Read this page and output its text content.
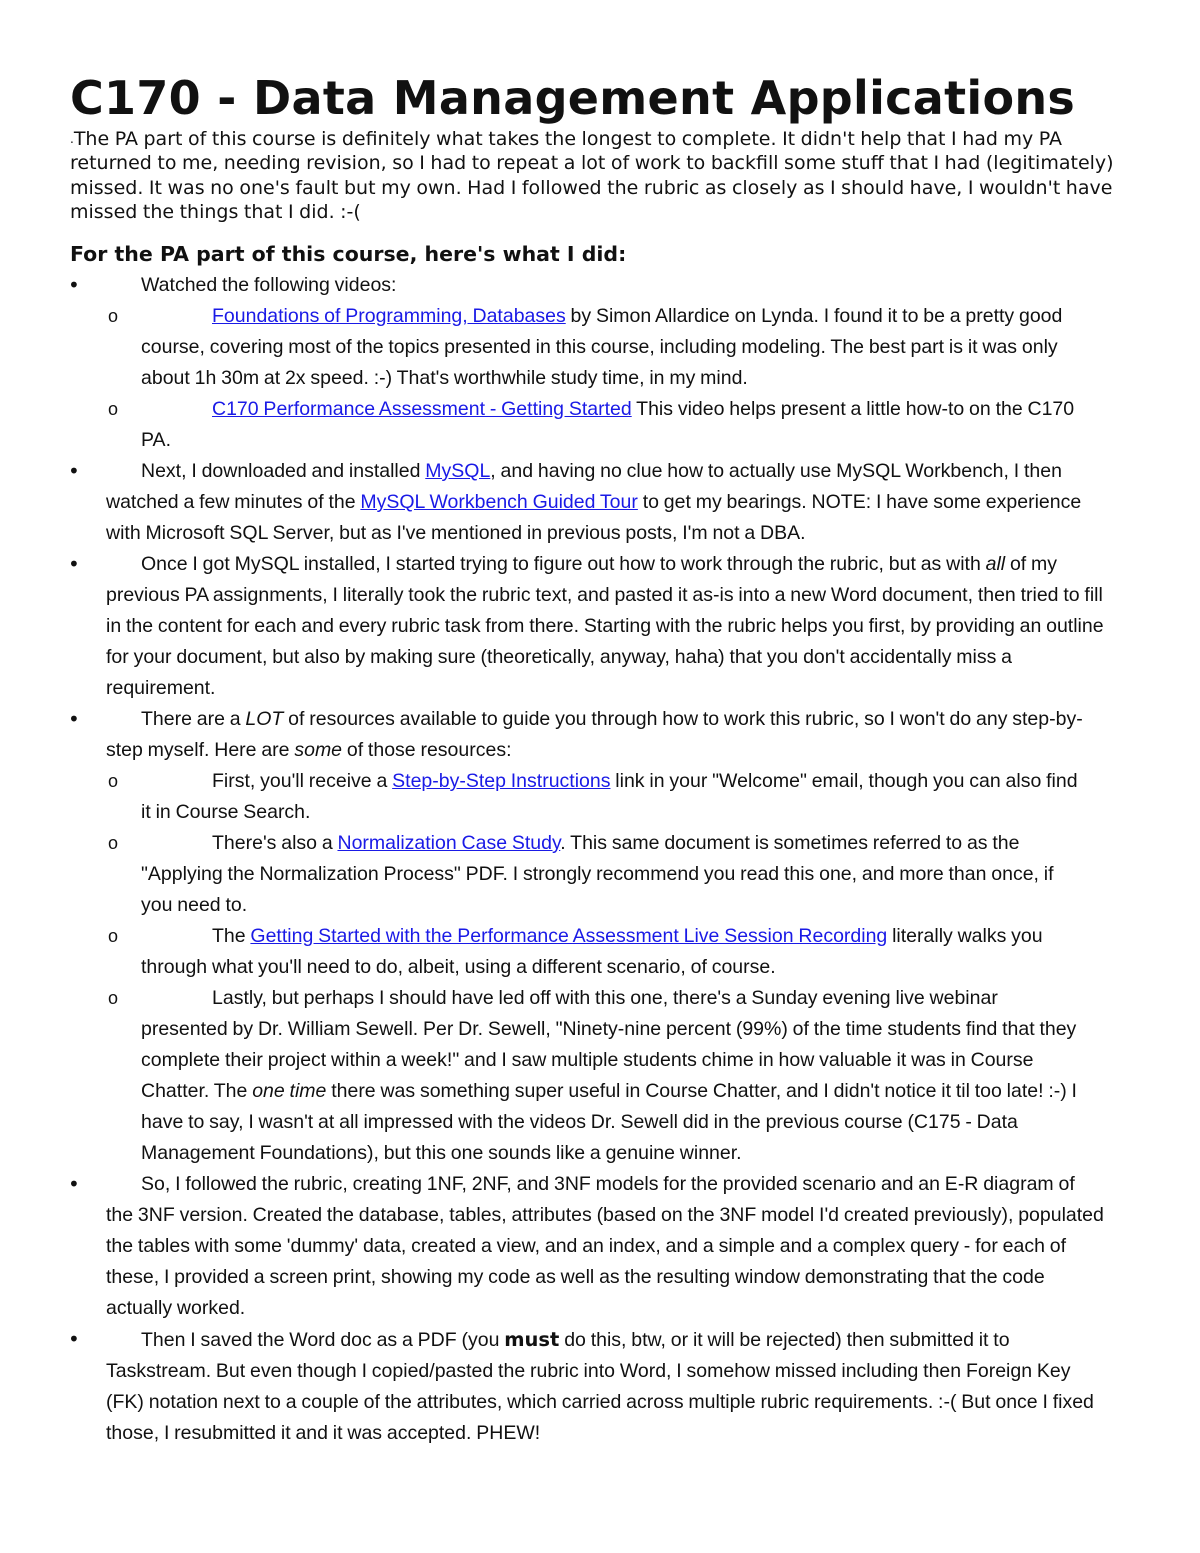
C170 - Data Management Applications

.The PA part of this course is definitely what takes the longest to complete. It didn't help that I had my PA returned to me, needing revision, so I had to repeat a lot of work to backfill some stuff that I had (legitimately) missed. It was no one's fault but my own. Had I followed the rubric as closely as I should have, I wouldn't have missed the things that I did. :-(

For the PA part of this course, here's what I did:
• Watched the following videos:
o Foundations of Programming, Databases by Simon Allardice on Lynda. I found it to be a pretty good course, covering most of the topics presented in this course, including modeling. The best part is it was only about 1h 30m at 2x speed. :-) That's worthwhile study time, in my mind.
o C170 Performance Assessment - Getting Started This video helps present a little how-to on the C170 PA.
• Next, I downloaded and installed MySQL, and having no clue how to actually use MySQL Workbench, I then watched a few minutes of the MySQL Workbench Guided Tour to get my bearings. NOTE: I have some experience with Microsoft SQL Server, but as I've mentioned in previous posts, I'm not a DBA.
• Once I got MySQL installed, I started trying to figure out how to work through the rubric, but as with all of my previous PA assignments, I literally took the rubric text, and pasted it as-is into a new Word document, then tried to fill in the content for each and every rubric task from there. Starting with the rubric helps you first, by providing an outline for your document, but also by making sure (theoretically, anyway, haha) that you don't accidentally miss a requirement.
• There are a LOT of resources available to guide you through how to work this rubric, so I won't do any step-by-step myself. Here are some of those resources:
o First, you'll receive a Step-by-Step Instructions link in your "Welcome" email, though you can also find it in Course Search.
o There's also a Normalization Case Study. This same document is sometimes referred to as the "Applying the Normalization Process" PDF. I strongly recommend you read this one, and more than once, if you need to.
o The Getting Started with the Performance Assessment Live Session Recording literally walks you through what you'll need to do, albeit, using a different scenario, of course.
o Lastly, but perhaps I should have led off with this one, there's a Sunday evening live webinar presented by Dr. William Sewell. Per Dr. Sewell, "Ninety-nine percent (99%) of the time students find that they complete their project within a week!" and I saw multiple students chime in how valuable it was in Course Chatter. The one time there was something super useful in Course Chatter, and I didn't notice it til too late! :-) I have to say, I wasn't at all impressed with the videos Dr. Sewell did in the previous course (C175 - Data Management Foundations), but this one sounds like a genuine winner.
• So, I followed the rubric, creating 1NF, 2NF, and 3NF models for the provided scenario and an E-R diagram of the 3NF version. Created the database, tables, attributes (based on the 3NF model I'd created previously), populated the tables with some 'dummy' data, created a view, and an index, and a simple and a complex query - for each of these, I provided a screen print, showing my code as well as the resulting window demonstrating that the code actually worked.
• Then I saved the Word doc as a PDF (you must do this, btw, or it will be rejected) then submitted it to Taskstream. But even though I copied/pasted the rubric into Word, I somehow missed including then Foreign Key (FK) notation next to a couple of the attributes, which carried across multiple rubric requirements. :-( But once I fixed those, I resubmitted it and it was accepted. PHEW!
